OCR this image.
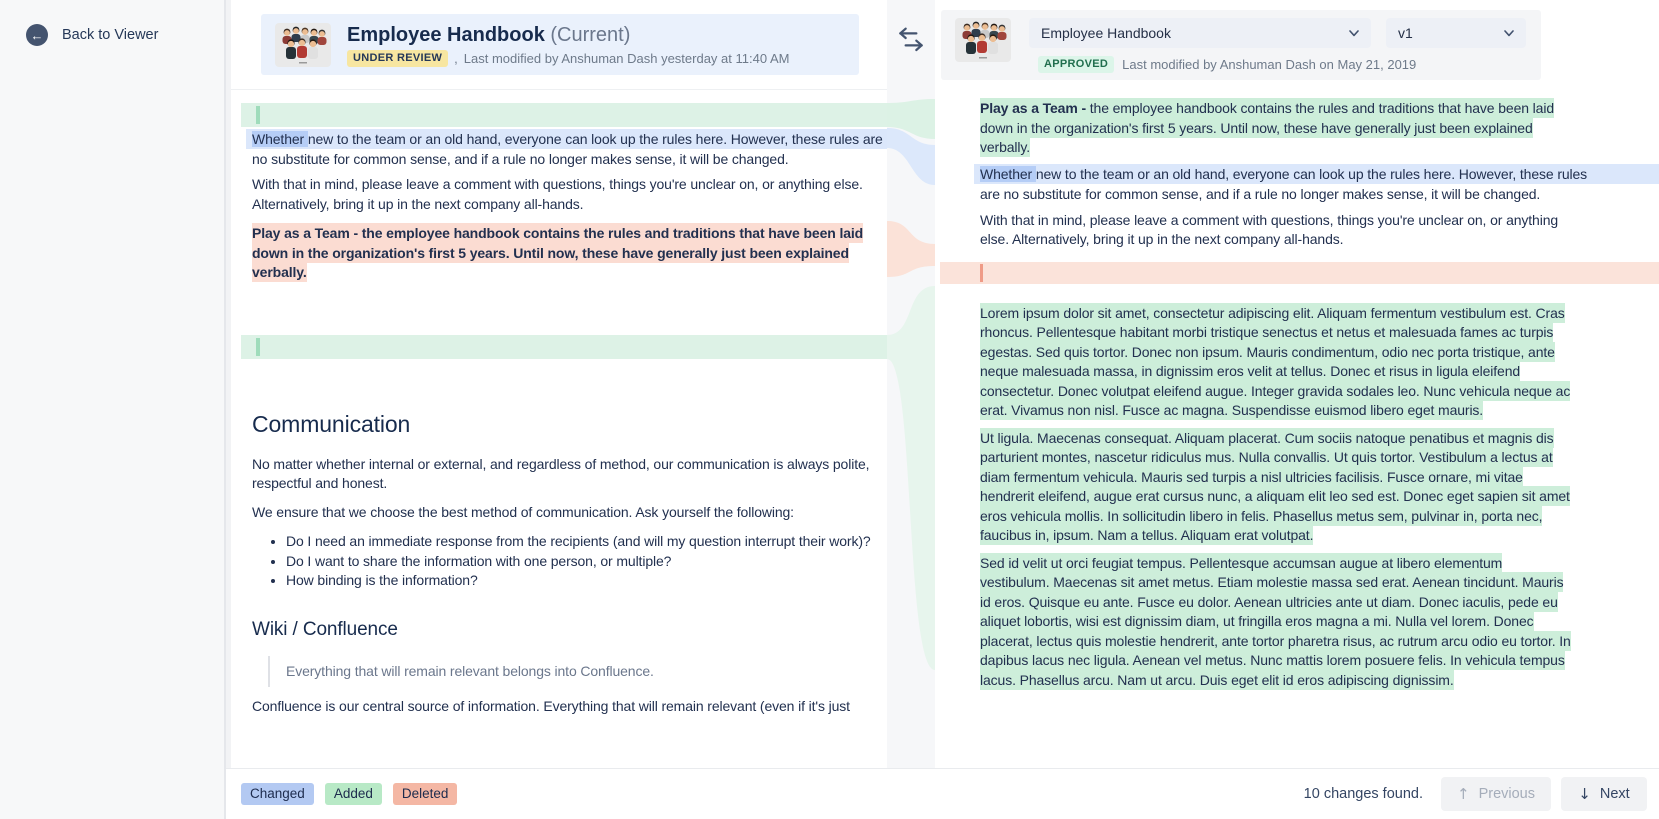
←	Back to Viewer	Employee Handbook (Current)
UNDER REVIEW , Last modified by Anshuman Dash yesterday at 11:40 AM

Whether new to the team or an old hand, everyone can look up the rules here. However, these rules are
no substitute for common sense, and if a rule no longer makes sense, it will be changed.

With that in mind, please leave a comment with questions, things you're unclear on, or anything else. Alternatively, bring it up in the next company all-hands.

Play as a Team - the employee handbook contains the rules and traditions that have been laid down in the organization's first 5 years. Until now, these have generally just been explained verbally.

Communication

No matter whether internal or external, and regardless of method, our communication is always polite, respectful and honest.

We ensure that we choose the best method of communication. Ask yourself the following:

• Do I need an immediate response from the recipients (and will my question interrupt their work)?
• Do I want to share the information with one person, or multiple?
• How binding is the information?
Wiki / Confluence
Everything that will remain relevant belongs into Confluence.

Confluence is our central source of information. Everything that will remain relevant (even if it's just

Employee Handbook	v1
APPROVED	Last modified by Anshuman Dash on May 21, 2019

Play as a Team - the employee handbook contains the rules and traditions that have been laid down in the organization's first 5 years. Until now, these have generally just been explained verbally.

Whether new to the team or an old hand, everyone can look up the rules here. However, these rules
are no substitute for common sense, and if a rule no longer makes sense, it will be changed.

With that in mind, please leave a comment with questions, things you're unclear on, or anything else. Alternatively, bring it up in the next company all-hands.

Lorem ipsum dolor sit amet, consectetur adipiscing elit. Aliquam fermentum vestibulum est. Cras rhoncus. Pellentesque habitant morbi tristique senectus et netus et malesuada fames ac turpis egestas. Sed quis tortor. Donec non ipsum. Mauris condimentum, odio nec porta tristique, ante neque malesuada massa, in dignissim eros velit at tellus. Donec et risus in ligula eleifend consectetur. Donec volutpat eleifend augue. Integer gravida sodales leo. Nunc vehicula neque ac erat. Vivamus non nisl. Fusce ac magna. Suspendisse euismod libero eget mauris.

Ut ligula. Maecenas consequat. Aliquam placerat. Cum sociis natoque penatibus et magnis dis parturient montes, nascetur ridiculus mus. Nulla convallis. Ut quis tortor. Vestibulum a lectus at diam fermentum vehicula. Mauris sed turpis a nisl ultricies facilisis. Fusce ornare, mi vitae hendrerit eleifend, augue erat cursus nunc, a aliquam elit leo sed est. Donec eget sapien sit amet eros vehicula mollis. In sollicitudin libero in felis. Phasellus metus sem, pulvinar in, porta nec, faucibus in, ipsum. Nam a tellus. Aliquam erat volutpat.

Sed id velit ut orci feugiat tempus. Pellentesque accumsan augue at libero elementum vestibulum. Maecenas sit amet metus. Etiam molestie massa sed erat. Aenean tincidunt. Mauris id eros. Quisque eu ante. Fusce eu dolor. Aenean ultricies ante ut diam. Donec iaculis, pede eu aliquet lobortis, wisi est dignissim diam, ut fringilla eros magna a mi. Nulla vel lorem. Donec placerat, lectus quis molestie hendrerit, ante tortor pharetra risus, ac rutrum arcu odio eu tortor. In dapibus lacus nec ligula. Aenean vel metus. Nunc mattis lorem posuere felis. In vehicula tempus lacus. Phasellus arcu. Nam ut arcu. Duis eget elit id eros adipiscing dignissim.

Changed	Added	Deleted	10 changes found. ↑ Previous	↓ Next
